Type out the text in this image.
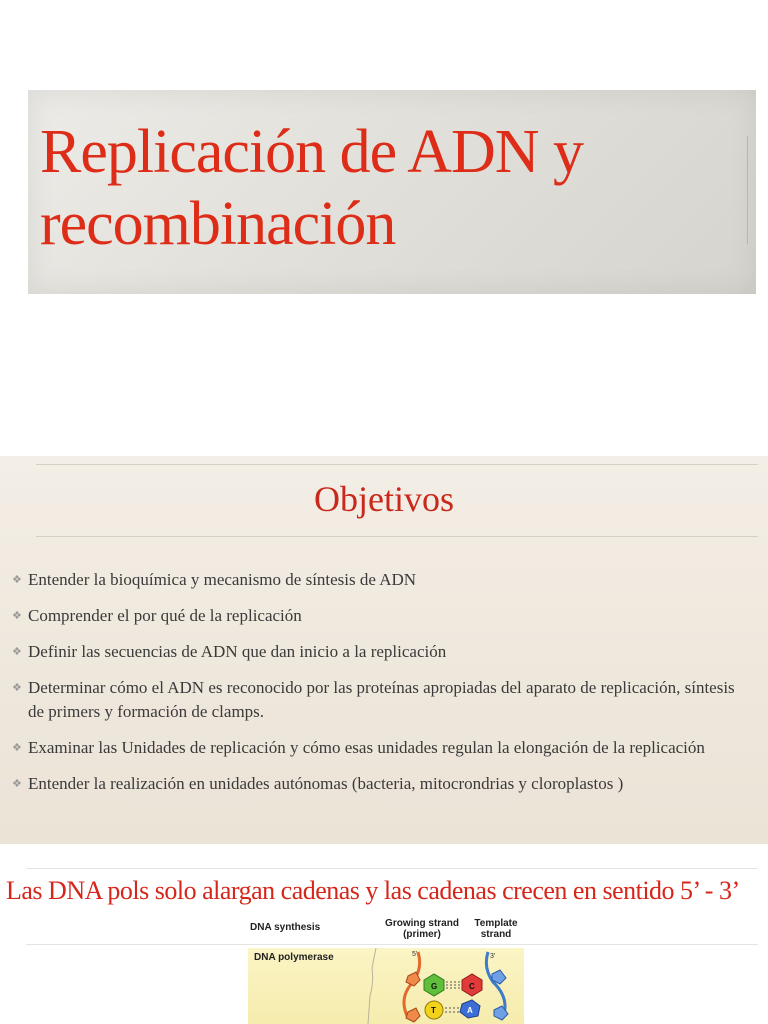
Replicación de ADN y
recombinación
Objetivos
❖ Entender la bioquímica y mecanismo de síntesis de ADN
❖ Comprender el por qué de la replicación
❖ Definir las secuencias de ADN que dan inicio a la replicación
❖ Determinar cómo el ADN es reconocido por las proteínas apropiadas del aparato de replicación, síntesis de primers y formación de clamps.
❖ Examinar las Unidades de replicación y cómo esas unidades regulan la elongación de la replicación
❖ Entender la realización en unidades autónomas (bacteria, mitocrondrias y cloroplastos )
Las DNA pols solo alargan cadenas y las cadenas crecen en sentido 5’ - 3’
DNA synthesis	Growing strand
(primer)
Template strand
DNA polymerase	5’	3’
G	C
T	A
